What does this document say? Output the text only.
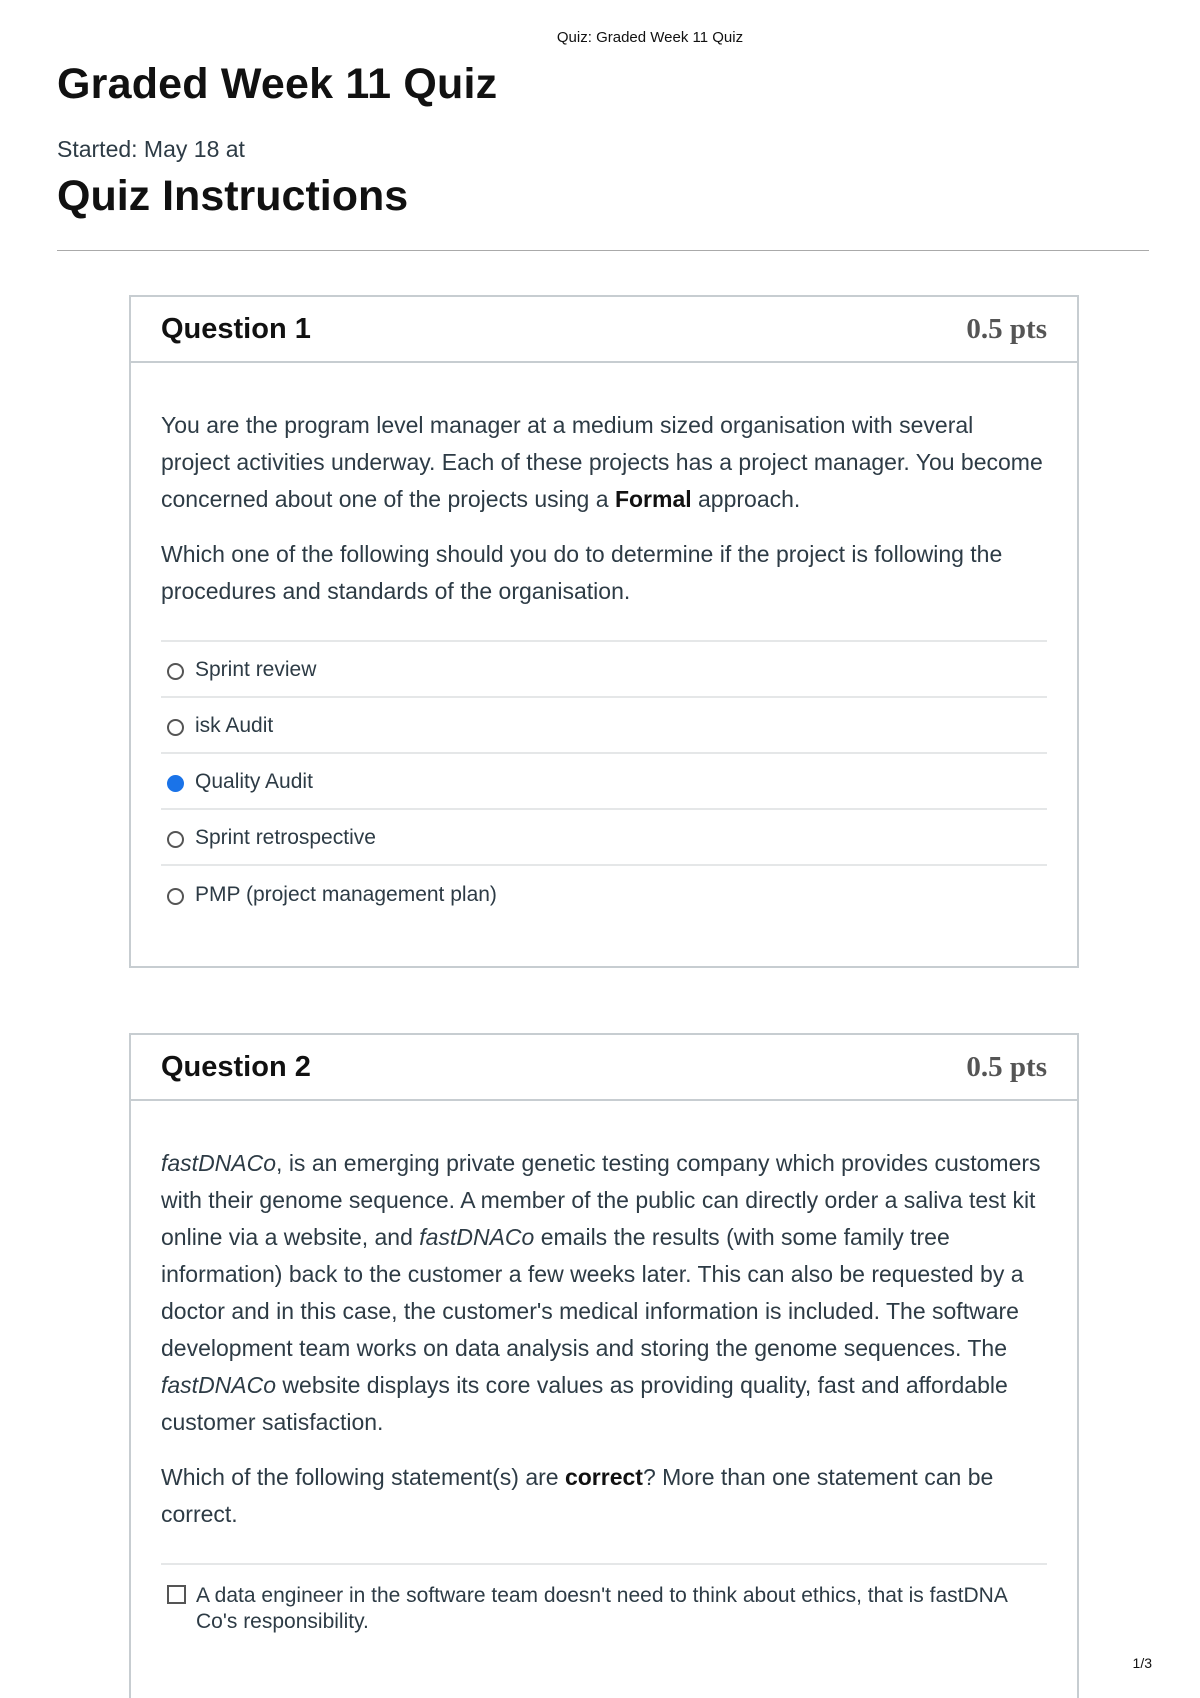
Quiz: Graded Week 11 Quiz
Graded Week 11 Quiz
Started: May 18 at
Quiz Instructions
Question 1	0.5 pts

You are the program level manager at a medium sized organisation with several project activities underway. Each of these projects has a project manager. You become concerned about one of the projects using a Formal approach.

Which one of the following should you do to determine if the project is following the procedures and standards of the organisation.

Sprint review
isk Audit
Quality Audit
Sprint retrospective
PMP (project management plan)
Question 2	0.5 pts

fastDNACo, is an emerging private genetic testing company which provides customers with their genome sequence. A member of the public can directly order a saliva test kit online via a website, and fastDNACo emails the results (with some family tree information) back to the customer a few weeks later. This can also be requested by a doctor and in this case, the customer's medical information is included. The software development team works on data analysis and storing the genome sequences. The fastDNACo website displays its core values as providing quality, fast and affordable customer satisfaction.

Which of the following statement(s) are correct? More than one statement can be correct.

A data engineer in the software team doesn't need to think about ethics, that is fastDNA Co's responsibility.
1/3
